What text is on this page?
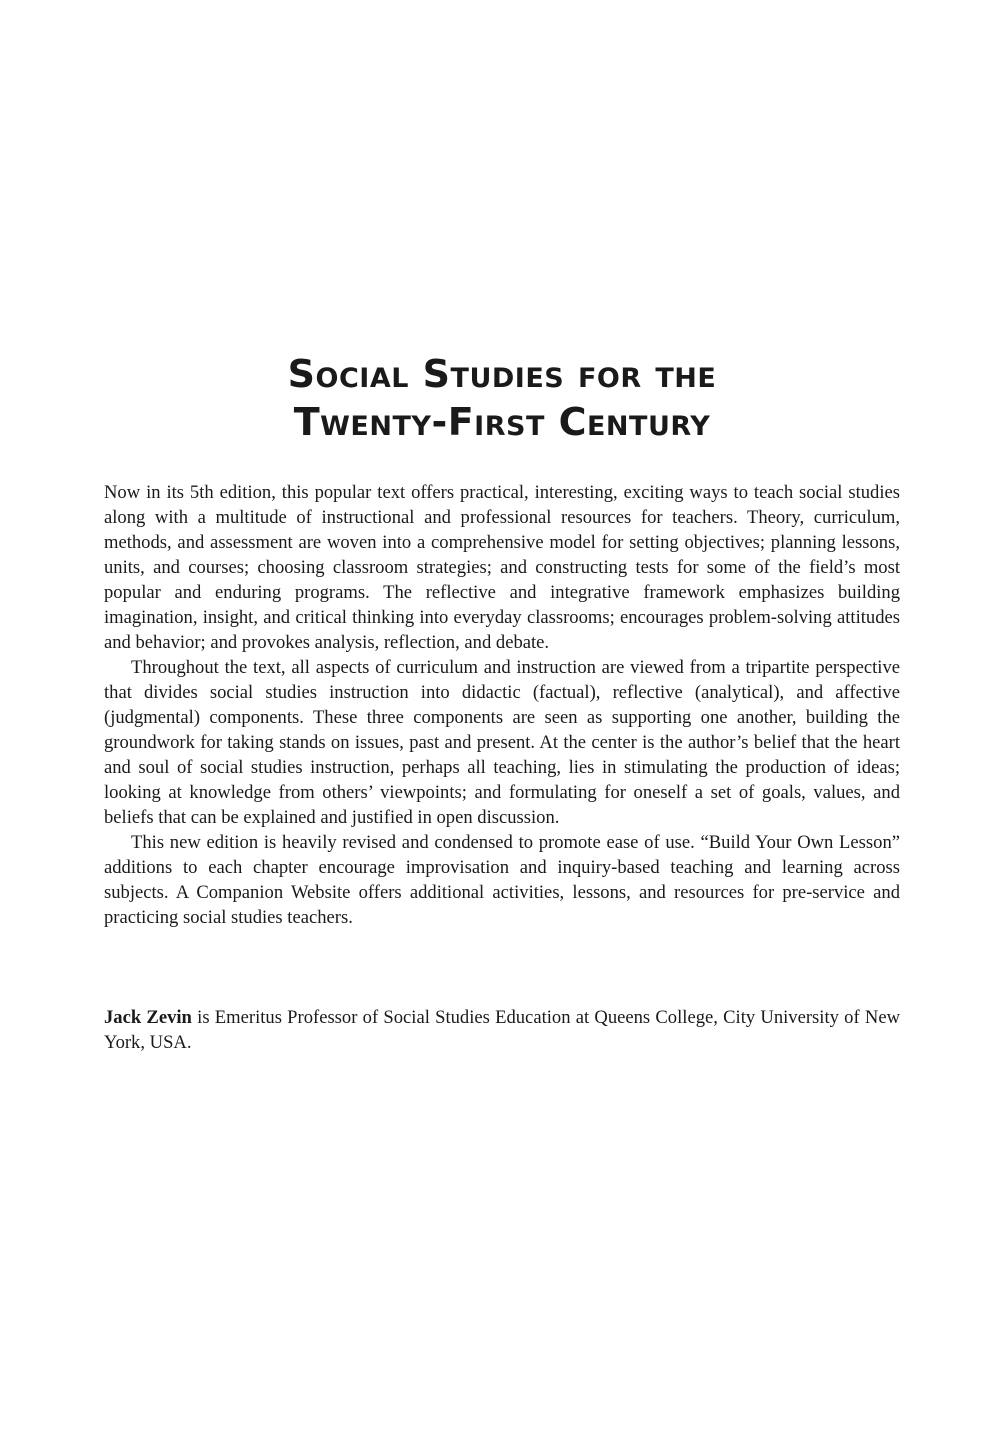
Social Studies for the
Twenty-First Century

Now in its 5th edition, this popular text offers practical, interesting, exciting ways to teach social studies along with a multitude of instructional and professional resources for teachers. Theory, curriculum, methods, and assessment are woven into a comprehensive model for setting objectives; planning lessons, units, and courses; choosing classroom strategies; and constructing tests for some of the field’s most popular and enduring programs. The reflective and integrative framework emphasizes building imagination, insight, and critical thinking into everyday classrooms; encourages problem-solving attitudes and behavior; and provokes analysis, reflection, and debate.

Throughout the text, all aspects of curriculum and instruction are viewed from a tripartite perspective that divides social studies instruction into didactic (factual), reflective (analytical), and affective (judgmental) components. These three components are seen as supporting one another, building the groundwork for taking stands on issues, past and present. At the center is the author’s belief that the heart and soul of social studies instruction, perhaps all teaching, lies in stimulating the production of ideas; looking at knowledge from others’ viewpoints; and formulating for oneself a set of goals, values, and beliefs that can be explained and justified in open discussion.

This new edition is heavily revised and condensed to promote ease of use. “Build Your Own Lesson” additions to each chapter encourage improvisation and inquiry-based teaching and learning across subjects. A Companion Website offers additional activities, lessons, and resources for pre-service and practicing social studies teachers.

Jack Zevin is Emeritus Professor of Social Studies Education at Queens College, City University of New York, USA.
